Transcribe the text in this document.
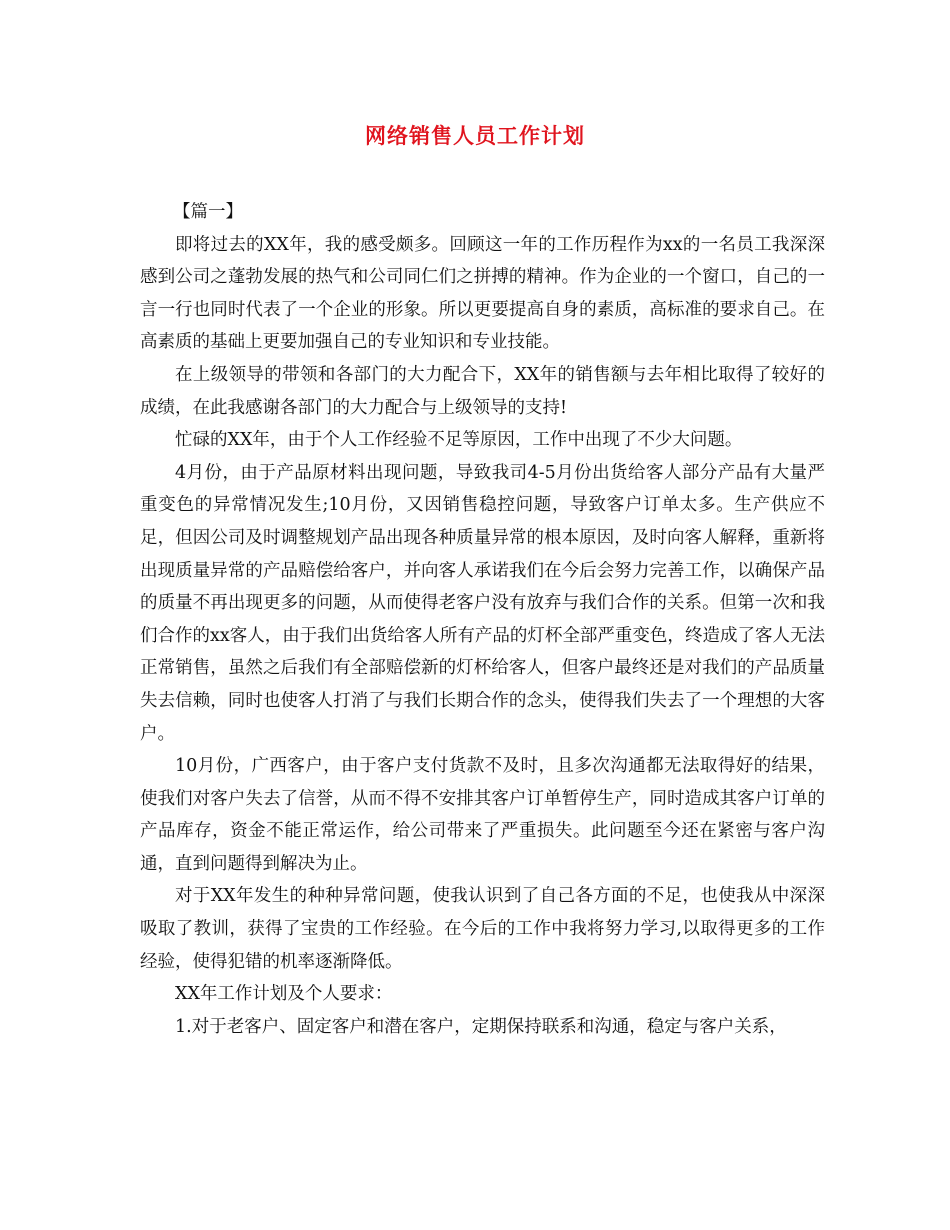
网络销售人员工作计划

【篇一】

即将过去的XX年，我的感受颇多。回顾这一年的工作历程作为xx的一名员工我深深感到公司之蓬勃发展的热气和公司同仁们之拼搏的精神。作为企业的一个窗口，自己的一言一行也同时代表了一个企业的形象。所以更要提高自身的素质，高标准的要求自己。在高素质的基础上更要加强自己的专业知识和专业技能。

在上级领导的带领和各部门的大力配合下，XX年的销售额与去年相比取得了较好的成绩，在此我感谢各部门的大力配合与上级领导的支持!

忙碌的XX年，由于个人工作经验不足等原因，工作中出现了不少大问题。

4月份，由于产品原材料出现问题，导致我司4-5月份出货给客人部分产品有大量严重变色的异常情况发生;10月份，又因销售稳控问题，导致客户订单太多。生产供应不足，但因公司及时调整规划产品出现各种质量异常的根本原因，及时向客人解释，重新将出现质量异常的产品赔偿给客户，并向客人承诺我们在今后会努力完善工作，以确保产品的质量不再出现更多的问题，从而使得老客户没有放弃与我们合作的关系。但第一次和我们合作的xx客人，由于我们出货给客人所有产品的灯杯全部严重变色，终造成了客人无法正常销售，虽然之后我们有全部赔偿新的灯杯给客人，但客户最终还是对我们的产品质量失去信赖，同时也使客人打消了与我们长期合作的念头，使得我们失去了一个理想的大客户。

10月份，广西客户，由于客户支付货款不及时，且多次沟通都无法取得好的结果，使我们对客户失去了信誉，从而不得不安排其客户订单暂停生产，同时造成其客户订单的产品库存，资金不能正常运作，给公司带来了严重损失。此问题至今还在紧密与客户沟通，直到问题得到解决为止。

对于XX年发生的种种异常问题，使我认识到了自己各方面的不足，也使我从中深深吸取了教训，获得了宝贵的工作经验。在今后的工作中我将努力学习,以取得更多的工作经验，使得犯错的机率逐渐降低。

XX年工作计划及个人要求：

1.对于老客户、固定客户和潜在客户，定期保持联系和沟通，稳定与客户关系，
